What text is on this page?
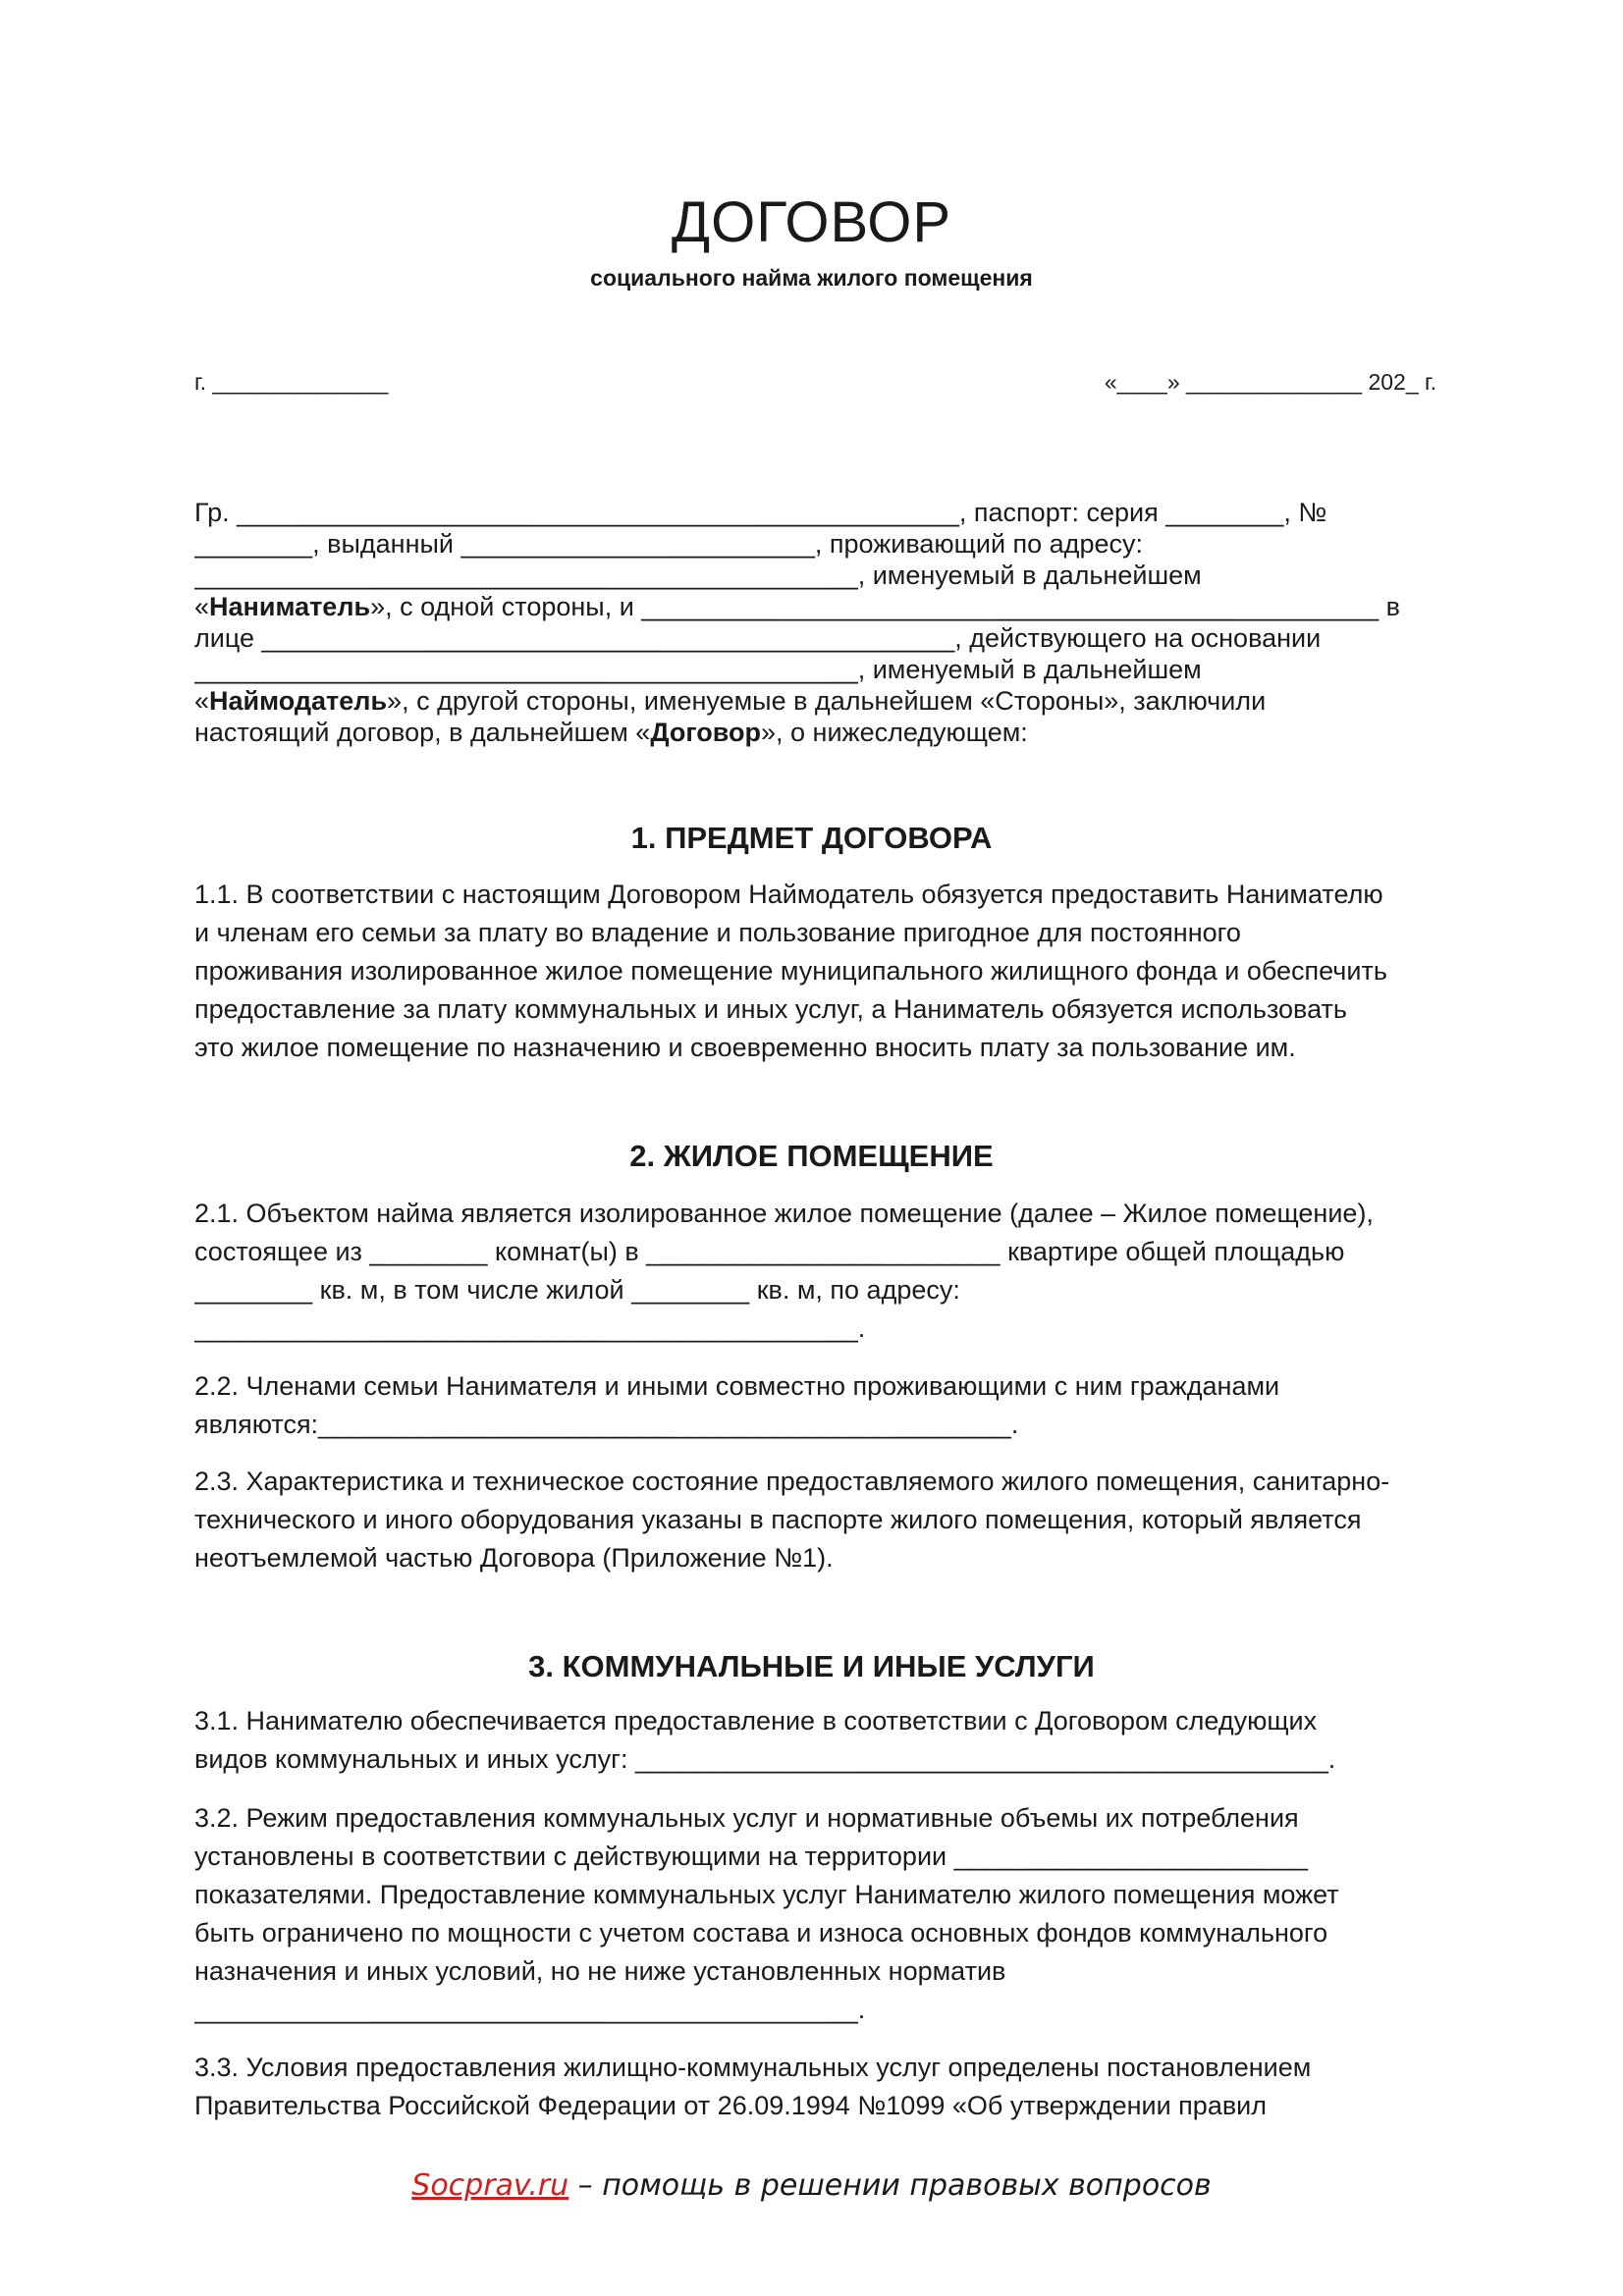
ДОГОВОР
социального найма жилого помещения
г. ______________	«____» ______________ 202_ г.

Гр. _________________________________________________, паспорт: серия ________, №

________, выданный ________________________, проживающий по адресу:

_____________________________________________, именуемый в дальнейшем

«Наниматель», с одной стороны, и __________________________________________________ в

лице _______________________________________________, действующего на основании

_____________________________________________, именуемый в дальнейшем

«Наймодатель», с другой стороны, именуемые в дальнейшем «Стороны», заключили

настоящий договор, в дальнейшем «Договор», о нижеследующем:

1. ПРЕДМЕТ ДОГОВОРА

1.1. В соответствии с настоящим Договором Наймодатель обязуется предоставить Нанимателю

и членам его семьи за плату во владение и пользование пригодное для постоянного

проживания изолированное жилое помещение муниципального жилищного фонда и обеспечить

предоставление за плату коммунальных и иных услуг, а Наниматель обязуется использовать

это жилое помещение по назначению и своевременно вносить плату за пользование им.

2. ЖИЛОЕ ПОМЕЩЕНИЕ

2.1. Объектом найма является изолированное жилое помещение (далее – Жилое помещение),

состоящее из ________ комнат(ы) в ________________________ квартире общей площадью

________ кв. м, в том числе жилой ________ кв. м, по адресу:

_____________________________________________.

2.2. Членами семьи Нанимателя и иными совместно проживающими с ним гражданами

являются:_______________________________________________.

2.3. Характеристика и техническое состояние предоставляемого жилого помещения, санитарно-

технического и иного оборудования указаны в паспорте жилого помещения, который является

неотъемлемой частью Договора (Приложение №1).

3. КОММУНАЛЬНЫЕ И ИНЫЕ УСЛУГИ

3.1. Нанимателю обеспечивается предоставление в соответствии с Договором следующих

видов коммунальных и иных услуг: _______________________________________________.

3.2. Режим предоставления коммунальных услуг и нормативные объемы их потребления

установлены в соответствии с действующими на территории ________________________

показателями. Предоставление коммунальных услуг Нанимателю жилого помещения может

быть ограничено по мощности с учетом состава и износа основных фондов коммунального

назначения и иных условий, но не ниже установленных норматив

_____________________________________________.

3.3. Условия предоставления жилищно-коммунальных услуг определены постановлением

Правительства Российской Федерации от 26.09.1994 №1099 «Об утверждении правил

Socprav.ru – помощь в решении правовых вопросов
